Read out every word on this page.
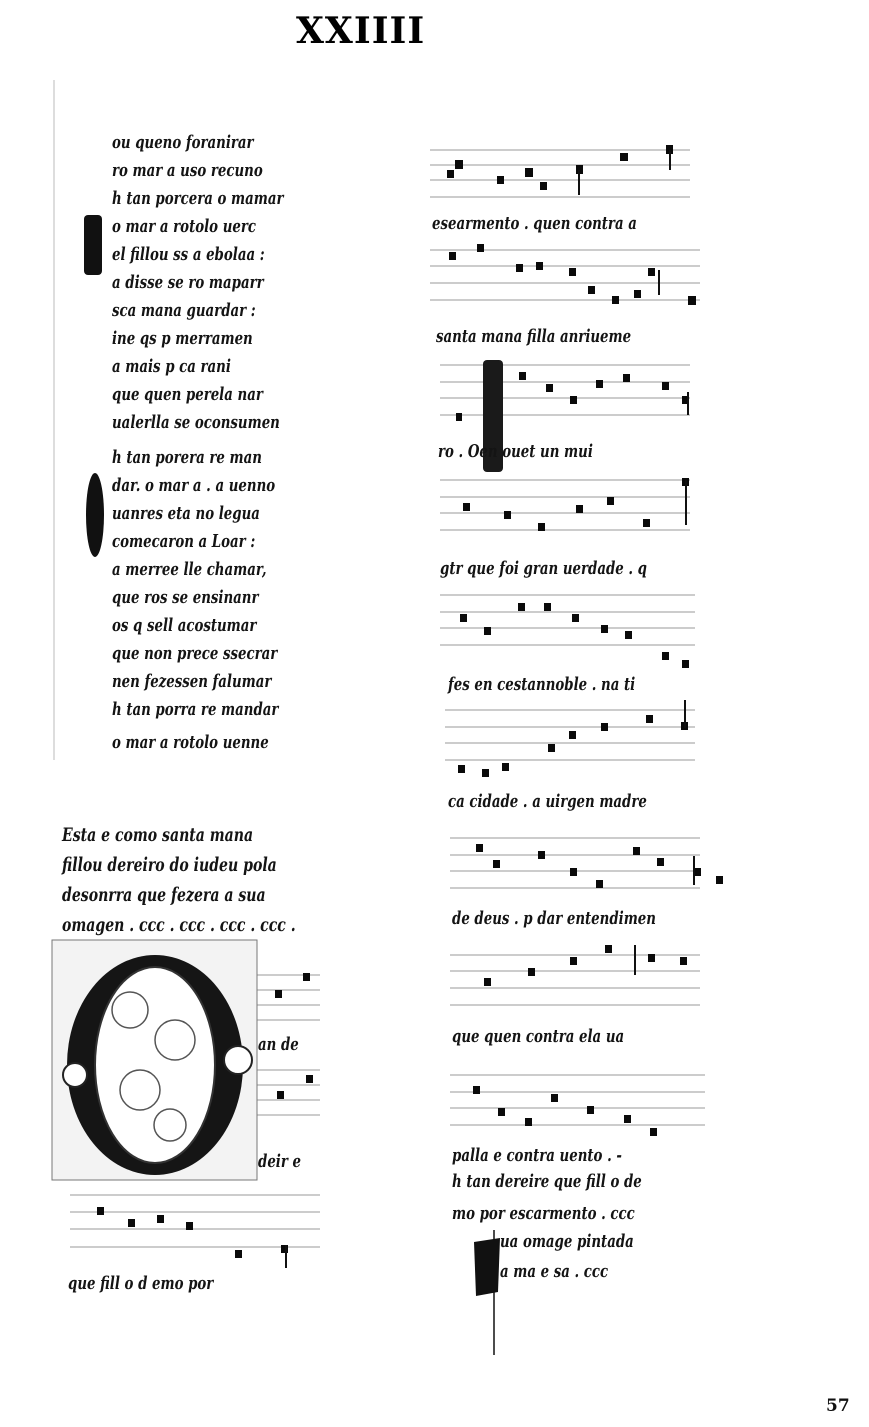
XXIIII
ou queno foranirar
ro mar a uso recuno
h tan porcera o mamar
o mar a rotolo uerc
el fillou ss a ebolaa :
a disse se ro maparr
sca mana guardar :
ine qs p merramen
a mais p ca rani
que quen perela nar
ualerlla se oconsumen
h tan porera re man
dar. o mar a . a uenno
uanres eta no legua
comecaron a Loar :
a merree lle chamar,
que ros se ensinanr
os q sell acostumar
que non prece ssecrar
nen fezessen falumar
h tan porra re mandar
o mar a rotolo uenne
Esta e como santa mana
fillou dereiro do iudeu pola
desonrra que fezera a sua
omagen . ccc . ccc . ccc . ccc .
an de
deir e
que fill o d emo por
esearmento . quen contra a
santa mana filla anriueme
ro . Oen ouet un mui
gtr que foi gran uerdade . q
fes en cestannoble . na ti
ca cidade . a uirgen madre
de deus . p dar entendimen
que quen contra ela ua
palla e contra uento . -
h tan dereire que fill o de
mo por escarmento . ccc
ua omage pintada
a ma e sa . ccc
57
